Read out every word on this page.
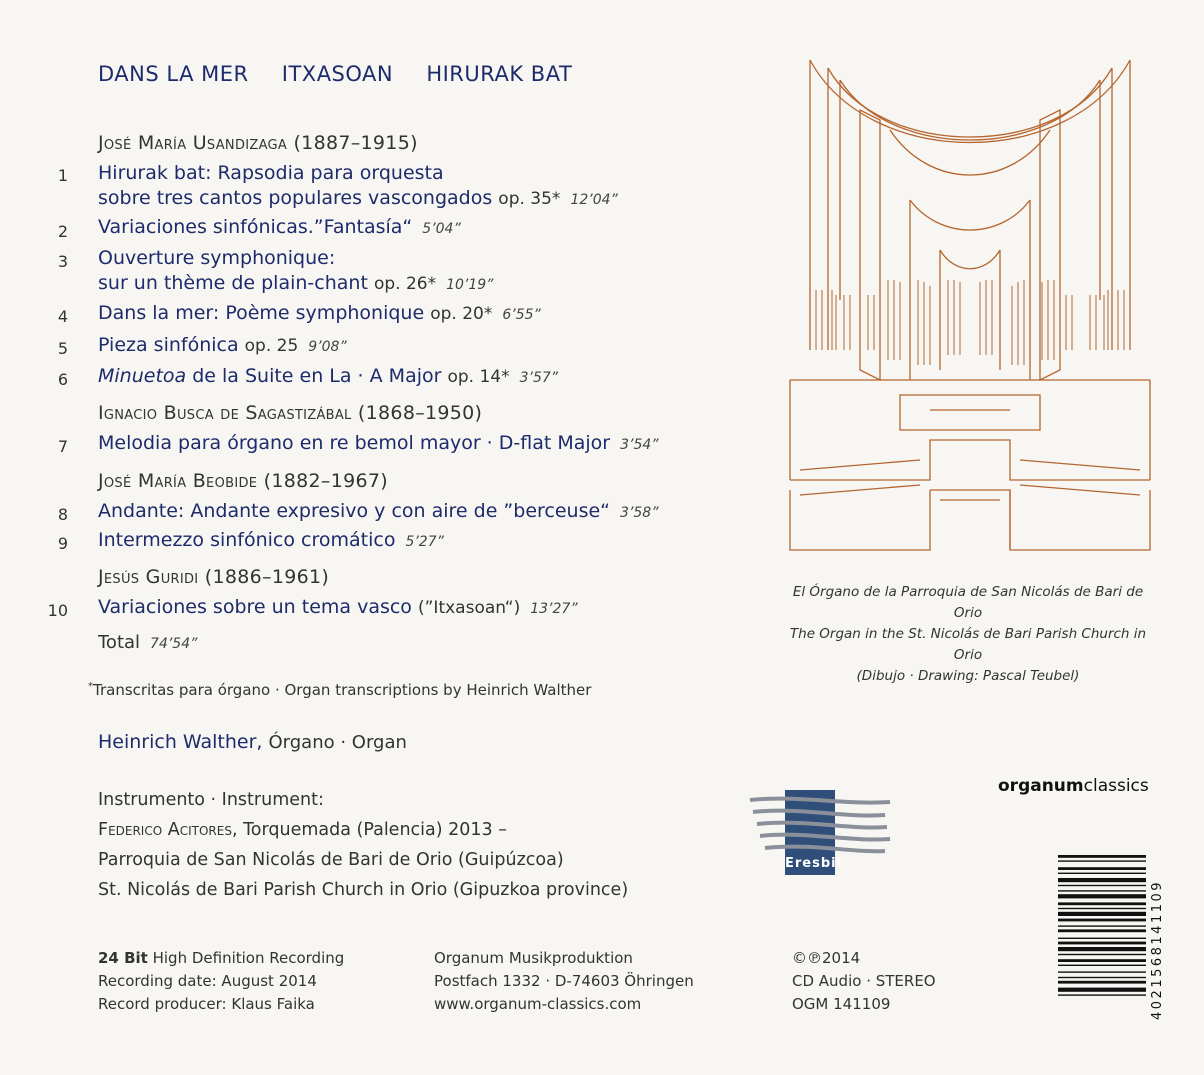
DANS LA MER ITXASOAN HIRURAK BAT
José María Usandizaga (1887–1915)
1 Hirurak bat: Rapsodia para orquesta
sobre tres cantos populares vascongados op. 35* 12’04”
2 Variaciones sinfónicas.”Fantasía“ 5’04”
3 Ouverture symphonique:
sur un thème de plain-chant op. 26* 10’19”
4 Dans la mer: Poème symphonique op. 20* 6’55”
5 Pieza sinfónica op. 25 9’08”
6 Minuetoa de la Suite en La · A Major op. 14* 3’57”
Ignacio Busca de Sagastizábal (1868–1950)
7 Melodia para órgano en re bemol mayor · D-flat Major 3’54”
José María Beobide (1882–1967)
8 Andante: Andante expresivo y con aire de ”berceuse“ 3’58”
9 Intermezzo sinfónico cromático 5’27”
Jesús Guridi (1886–1961)
10 Variaciones sobre un tema vasco (”Itxasoan“) 13’27”
Total 74’54”
*Transcritas para órgano · Organ transcriptions by Heinrich Walther
Heinrich Walther, Órgano · Organ
Instrumento · Instrument:
Federico Acitores, Torquemada (Palencia) 2013 –
Parroquia de San Nicolás de Bari de Orio (Guipúzcoa)
St. Nicolás de Bari Parish Church in Orio (Gipuzkoa province)
El Órgano de la Parroquia de San Nicolás de Bari de Orio
The Organ in the St. Nicolás de Bari Parish Church in Orio
(Dibujo · Drawing: Pascal Teubel)
organumclassics
Eresbil
4021568141109
24 Bit High Definition Recording
Recording date: August 2014
Record producer: Klaus Faika
Organum Musikproduktion
Postfach 1332 · D-74603 Öhringen
www.organum-classics.com
©℗2014
CD Audio · STEREO
OGM 141109
